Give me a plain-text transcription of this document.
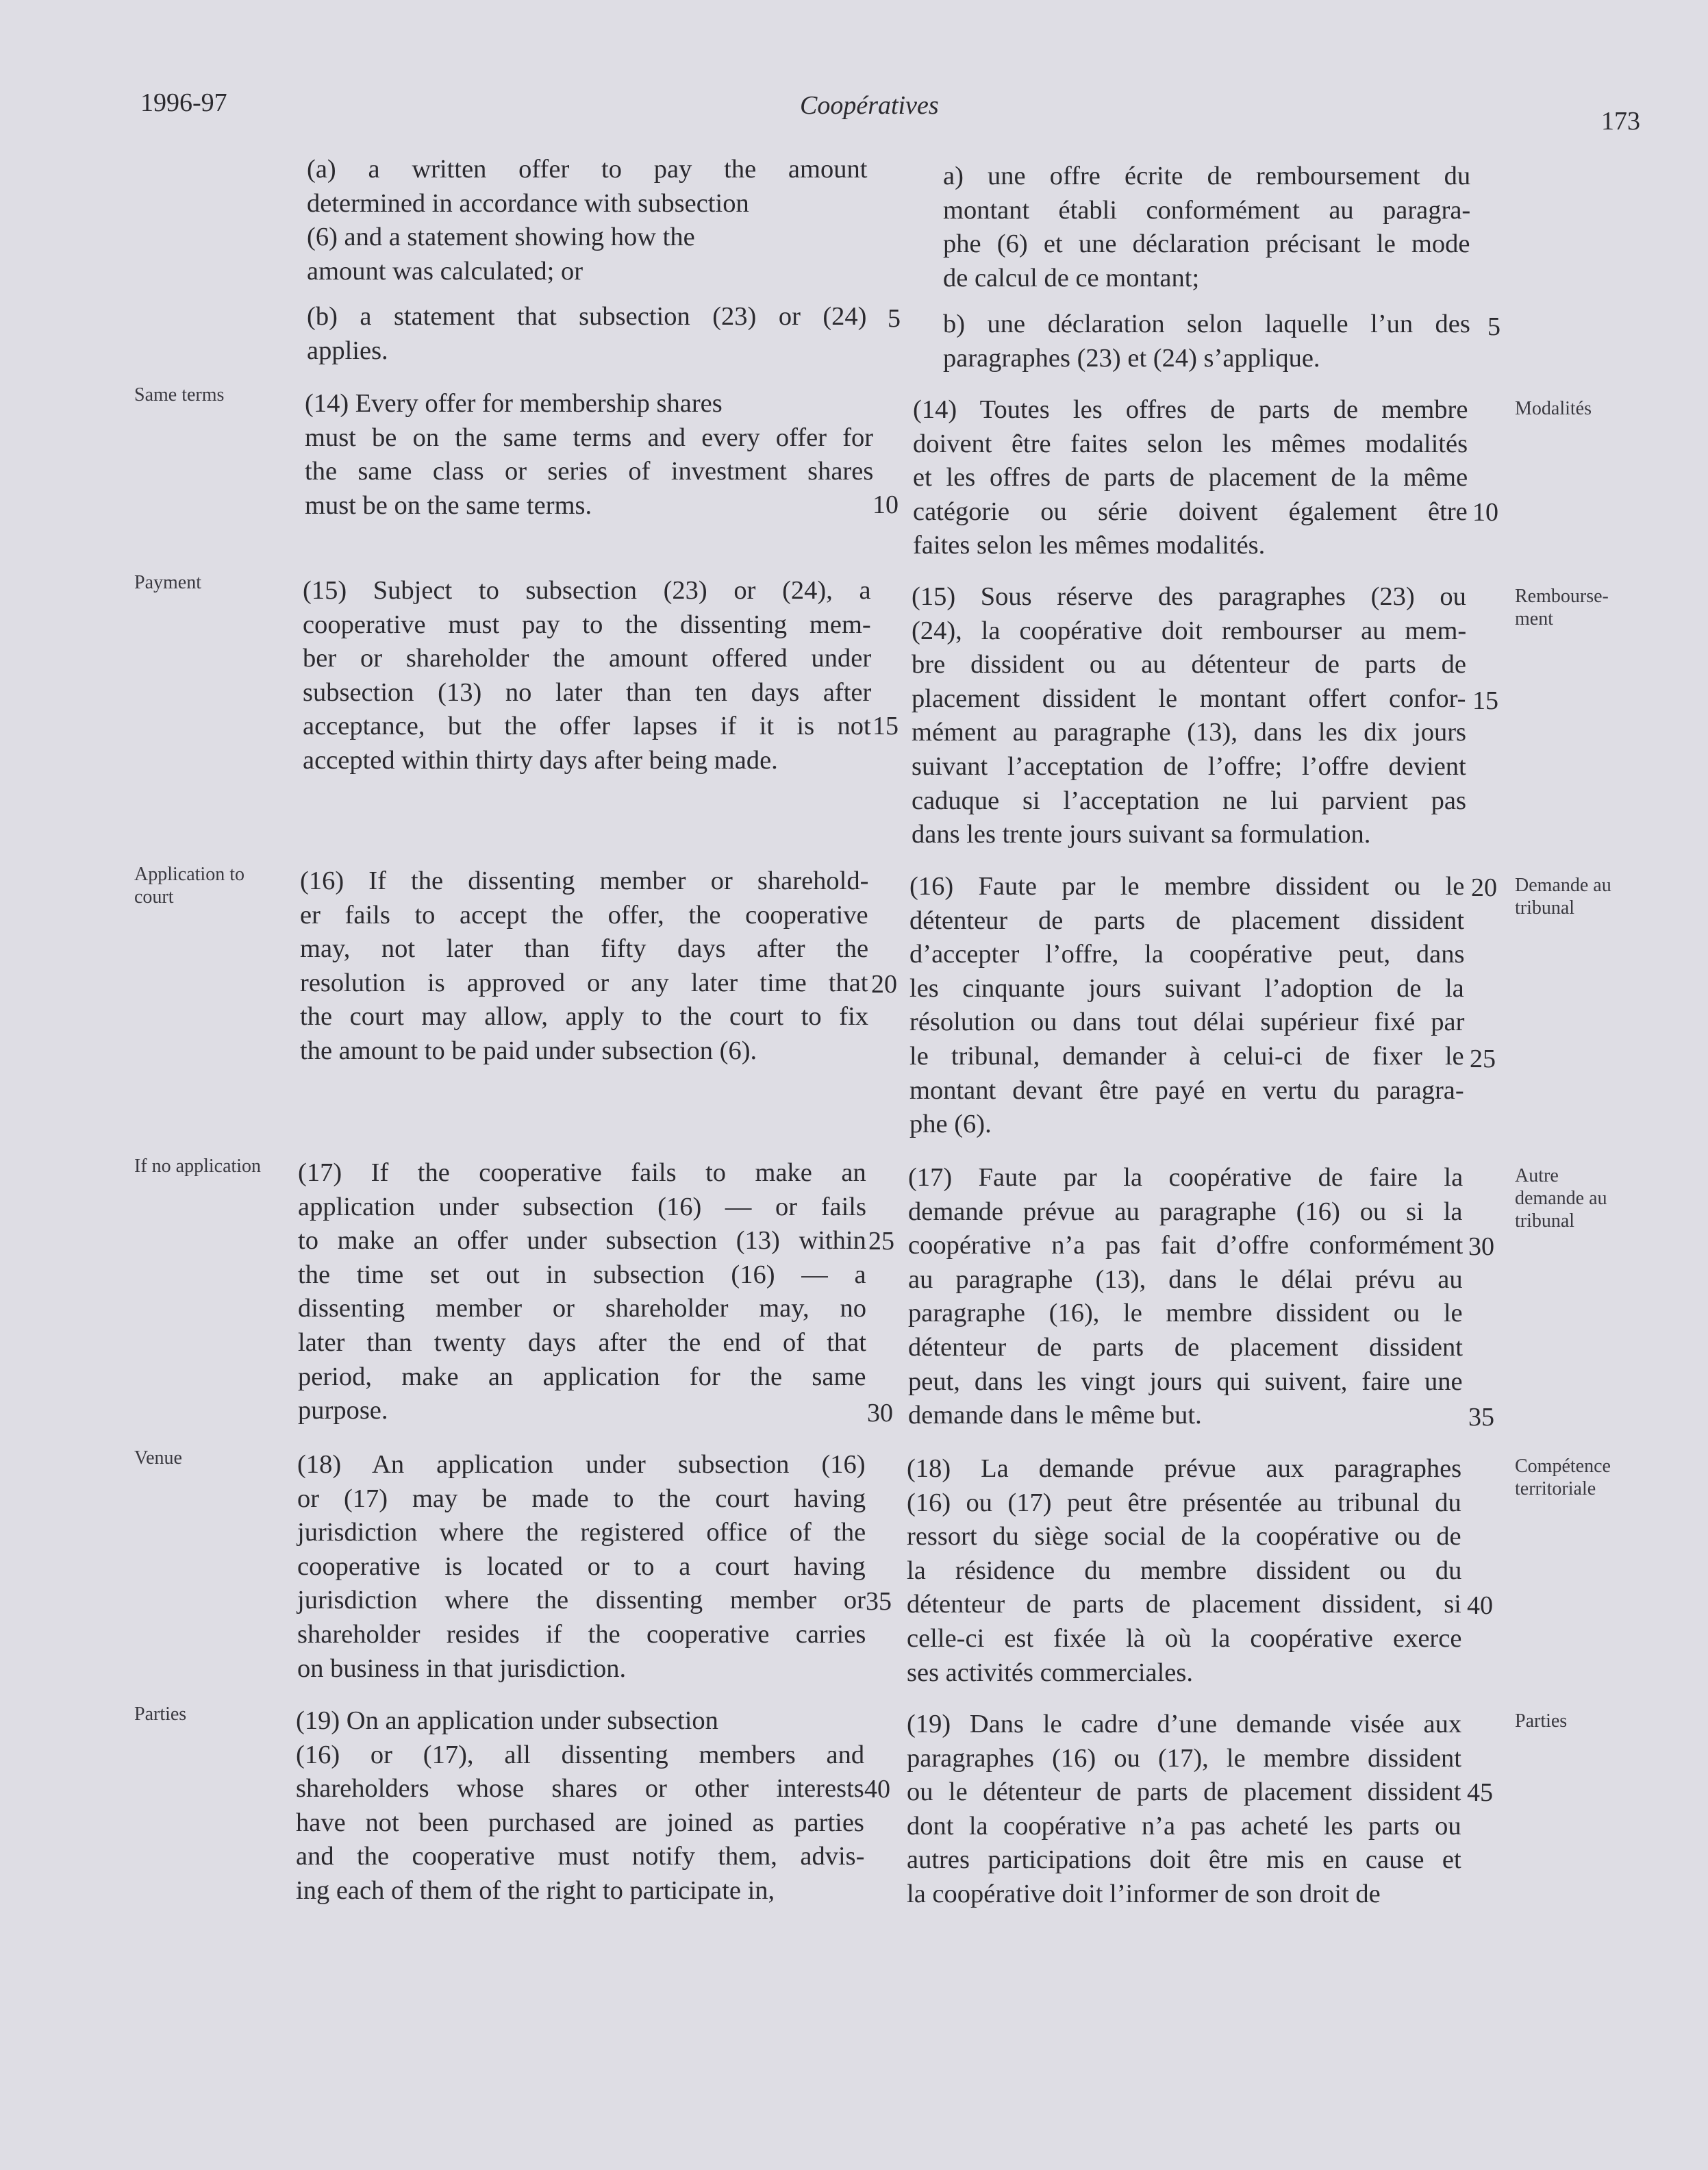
1996-97	Coopératives
173
Same terms
Payment
Application to court
If no application
Venue
Parties
Modalités
Rembourse- ment
Demande au tribunal
Autre demande au tribunal
Compétence territoriale
Parties
(a) a written offer to pay the amount
determined in accordance with subsection
(6) and a statement showing how the
amount was calculated; or
(b) a statement that subsection (23) or (24)
applies.
(14) Every offer for membership shares
must be on the same terms and every offer for
the same class or series of investment shares
must be on the same terms.
(15) Subject to subsection (23) or (24), a
cooperative must pay to the dissenting mem-
ber or shareholder the amount offered under
subsection (13) no later than ten days after
acceptance, but the offer lapses if it is not
accepted within thirty days after being made.
(16) If the dissenting member or sharehold-
er fails to accept the offer, the cooperative
may, not later than fifty days after the
resolution is approved or any later time that
the court may allow, apply to the court to fix
the amount to be paid under subsection (6).
(17) If the cooperative fails to make an
application under subsection (16) — or fails
to make an offer under subsection (13) within
the time set out in subsection (16) — a
dissenting member or shareholder may, no
later than twenty days after the end of that
period, make an application for the same
purpose.
(18) An application under subsection (16)
or (17) may be made to the court having
jurisdiction where the registered office of the
cooperative is located or to a court having
jurisdiction where the dissenting member or
shareholder resides if the cooperative carries
on business in that jurisdiction.
(19) On an application under subsection
(16) or (17), all dissenting members and
shareholders whose shares or other interests
have not been purchased are joined as parties
and the cooperative must notify them, advis-
ing each of them of the right to participate in,
5
10
15
20
25
30
35
40
a) une offre écrite de remboursement du
montant établi conformément au paragra-
phe (6) et une déclaration précisant le mode
de calcul de ce montant;
b) une déclaration selon laquelle l’un des
paragraphes (23) et (24) s’applique.
(14) Toutes les offres de parts de membre
doivent être faites selon les mêmes modalités
et les offres de parts de placement de la même
catégorie ou série doivent également être
faites selon les mêmes modalités.
(15) Sous réserve des paragraphes (23) ou
(24), la coopérative doit rembourser au mem-
bre dissident ou au détenteur de parts de
placement dissident le montant offert confor-
mément au paragraphe (13), dans les dix jours
suivant l’acceptation de l’offre; l’offre devient
caduque si l’acceptation ne lui parvient pas
dans les trente jours suivant sa formulation.
(16) Faute par le membre dissident ou le
détenteur de parts de placement dissident
d’accepter l’offre, la coopérative peut, dans
les cinquante jours suivant l’adoption de la
résolution ou dans tout délai supérieur fixé par
le tribunal, demander à celui-ci de fixer le
montant devant être payé en vertu du paragra-
phe (6).
(17) Faute par la coopérative de faire la
demande prévue au paragraphe (16) ou si la
coopérative n’a pas fait d’offre conformément
au paragraphe (13), dans le délai prévu au
paragraphe (16), le membre dissident ou le
détenteur de parts de placement dissident
peut, dans les vingt jours qui suivent, faire une
demande dans le même but.
(18) La demande prévue aux paragraphes
(16) ou (17) peut être présentée au tribunal du
ressort du siège social de la coopérative ou de
la résidence du membre dissident ou du
détenteur de parts de placement dissident, si
celle-ci est fixée là où la coopérative exerce
ses activités commerciales.
(19) Dans le cadre d’une demande visée aux
paragraphes (16) ou (17), le membre dissident
ou le détenteur de parts de placement dissident
dont la coopérative n’a pas acheté les parts ou
autres participations doit être mis en cause et
la coopérative doit l’informer de son droit de
5
10
15
20
25
30
35
40
45
